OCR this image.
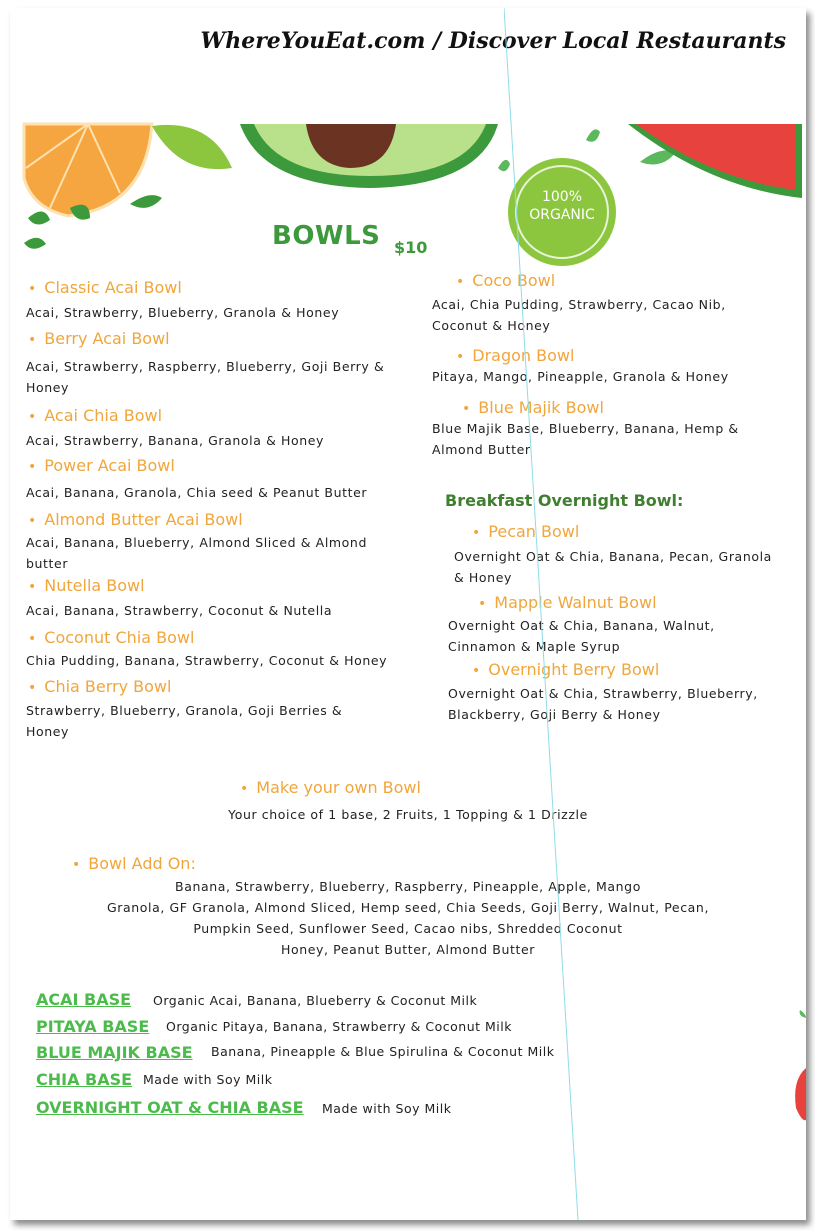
100%
ORGANIC
WhereYouEat.com / Discover Local Restaurants
BOWLS $10
• Classic Acai Bowl
Acai, Strawberry, Blueberry, Granola & Honey
• Berry Acai Bowl
Acai, Strawberry, Raspberry, Blueberry, Goji Berry & Honey
• Acai Chia Bowl
Acai, Strawberry, Banana, Granola & Honey
• Power Acai Bowl
Acai, Banana, Granola, Chia seed & Peanut Butter
• Almond Butter Acai Bowl
Acai, Banana, Blueberry, Almond Sliced & Almond butter
• Nutella Bowl
Acai, Banana, Strawberry, Coconut & Nutella
• Coconut Chia Bowl
Chia Pudding, Banana, Strawberry, Coconut & Honey
• Chia Berry Bowl
Strawberry, Blueberry, Granola, Goji Berries & Honey
• Coco Bowl
Acai, Chia Pudding, Strawberry, Cacao Nib, Coconut & Honey
• Dragon Bowl
Pitaya, Mango, Pineapple, Granola & Honey
• Blue Majik Bowl
Blue Majik Base, Blueberry, Banana, Hemp & Almond Butter
Breakfast Overnight Bowl:
• Pecan Bowl
Overnight Oat & Chia, Banana, Pecan, Granola & Honey
• Mapple Walnut Bowl
Overnight Oat & Chia, Banana, Walnut, Cinnamon & Maple Syrup
• Overnight Berry Bowl
Overnight Oat & Chia, Strawberry, Blueberry, Blackberry, Goji Berry & Honey
• Make your own Bowl
Your choice of 1 base, 2 Fruits, 1 Topping & 1 Drizzle
• Bowl Add On:
Banana, Strawberry, Blueberry, Raspberry, Pineapple, Apple, Mango
Granola, GF Granola, Almond Sliced, Hemp seed, Chia Seeds, Goji Berry, Walnut, Pecan,
Pumpkin Seed, Sunflower Seed, Cacao nibs, Shredded Coconut
Honey, Peanut Butter, Almond Butter
ACAI BASE Organic Acai, Banana, Blueberry & Coconut Milk
PITAYA BASE Organic Pitaya, Banana, Strawberry & Coconut Milk
BLUE MAJIK BASE Banana, Pineapple & Blue Spirulina & Coconut Milk
CHIA BASE Made with Soy Milk
OVERNIGHT OAT & CHIA BASE Made with Soy Milk
